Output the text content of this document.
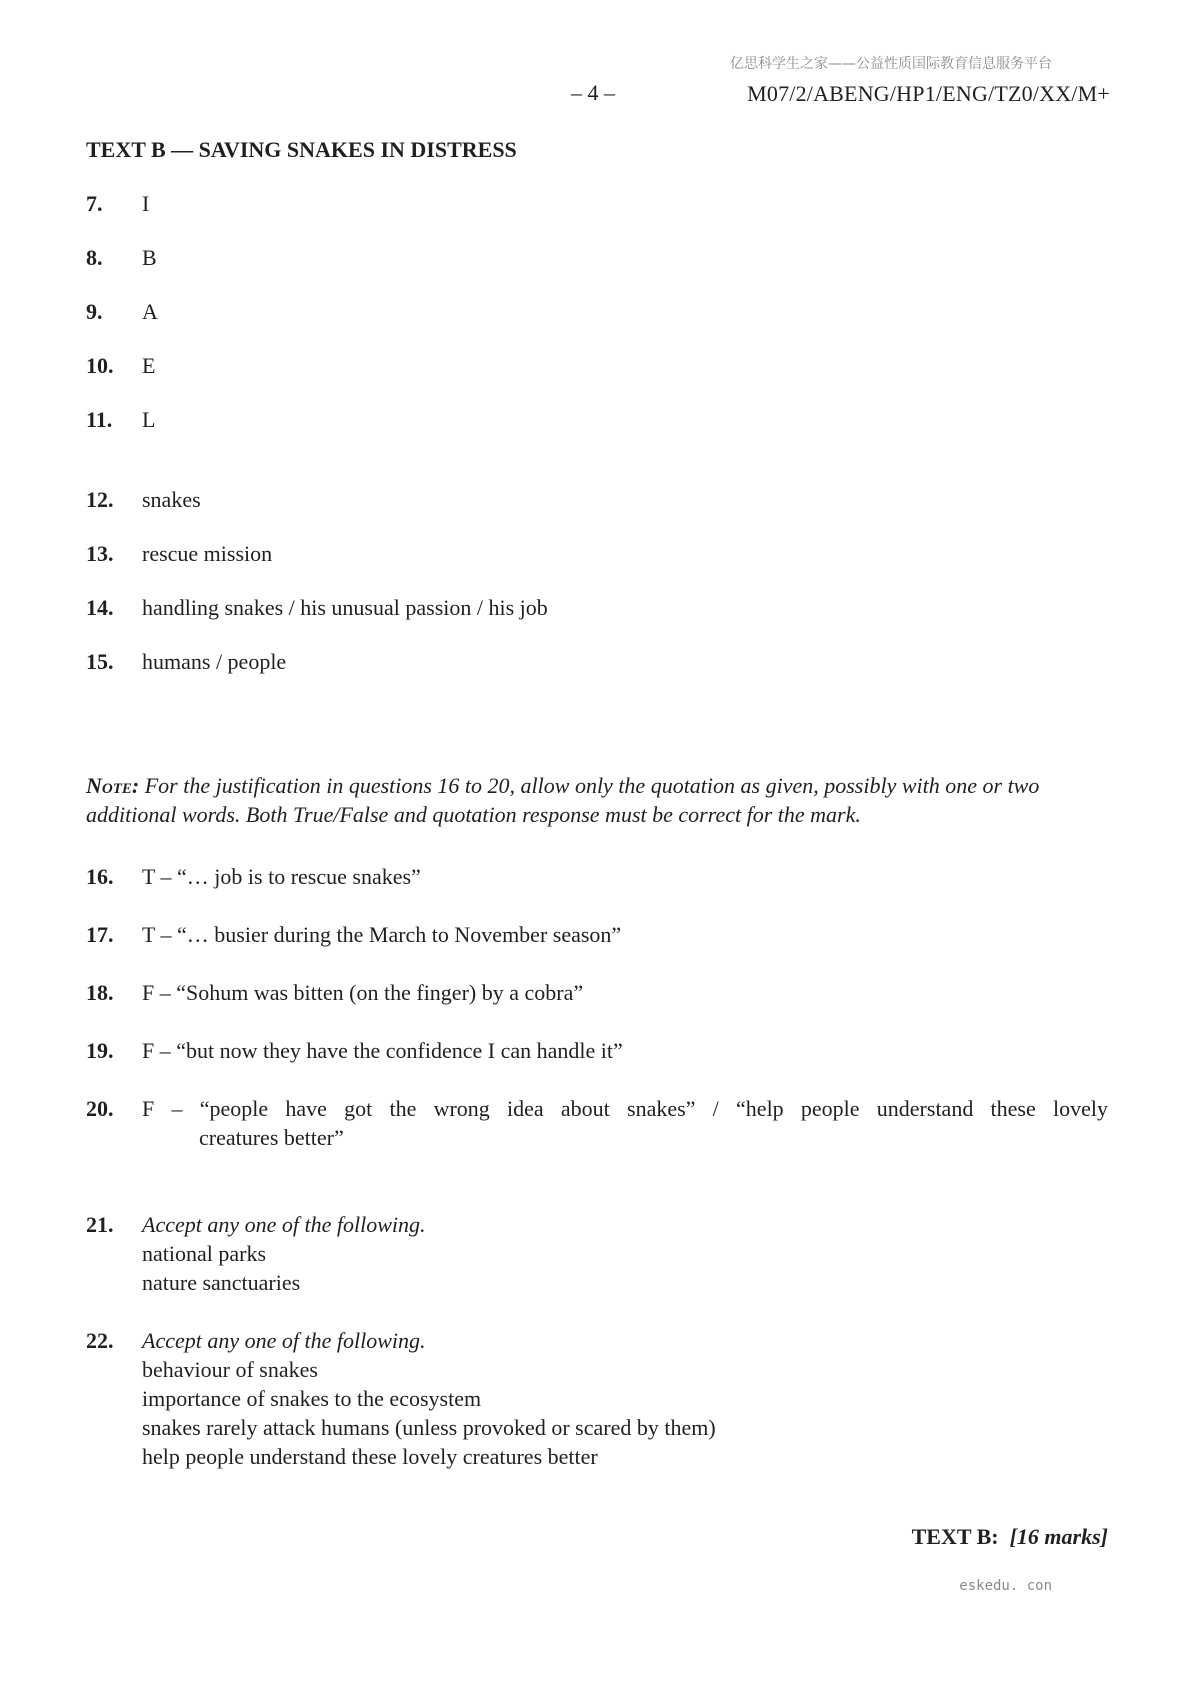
亿思科学生之家——公益性质国际教育信息服务平台
– 4 –	M07/2/ABENG/HP1/ENG/TZ0/XX/M+
TEXT B — SAVING SNAKES IN DISTRESS
7. I
8. B
9. A
10. E
11. L
12. snakes
13. rescue mission
14. handling snakes / his unusual passion / his job
15. humans / people
Note: For the justification in questions 16 to 20, allow only the quotation as given, possibly with one or two additional words. Both True/False and quotation response must be correct for the mark.
16. T – “… job is to rescue snakes”
17. T – “… busier during the March to November season”
18. F – “Sohum was bitten (on the finger) by a cobra”
19. F – “but now they have the confidence I can handle it”
20. F – “people have got the wrong idea about snakes” / “help people understand these lovely
creatures better”
21. Accept any one of the following.
national parks
nature sanctuaries
22. Accept any one of the following.
behaviour of snakes
importance of snakes to the ecosystem
snakes rarely attack humans (unless provoked or scared by them)
help people understand these lovely creatures better
TEXT B: [16 marks]
eskedu. con
